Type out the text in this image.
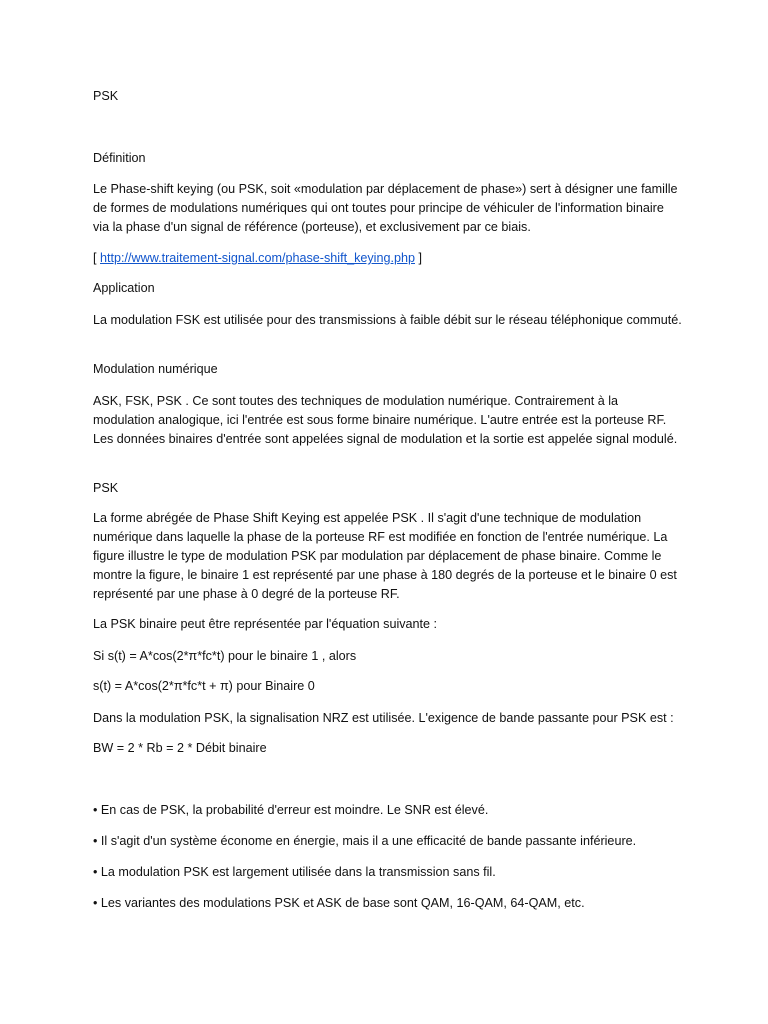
PSK

Définition

Le Phase-shift keying (ou PSK, soit «modulation par déplacement de phase») sert à désigner une famille de formes de modulations numériques qui ont toutes pour principe de véhiculer de l'information binaire via la phase d'un signal de référence (porteuse), et exclusivement par ce biais.

[ http://www.traitement-signal.com/phase-shift_keying.php ]

Application

La modulation FSK est utilisée pour des transmissions à faible débit sur le réseau téléphonique commuté.

Modulation numérique

ASK, FSK, PSK . Ce sont toutes des techniques de modulation numérique. Contrairement à la modulation analogique, ici l'entrée est sous forme binaire numérique. L'autre entrée est la porteuse RF. Les données binaires d'entrée sont appelées signal de modulation et la sortie est appelée signal modulé.

PSK

La forme abrégée de Phase Shift Keying est appelée PSK . Il s'agit d'une technique de modulation numérique dans laquelle la phase de la porteuse RF est modifiée en fonction de l'entrée numérique. La figure illustre le type de modulation PSK par modulation par déplacement de phase binaire. Comme le montre la figure, le binaire 1 est représenté par une phase à 180 degrés de la porteuse et le binaire 0 est représenté par une phase à 0 degré de la porteuse RF.

La PSK binaire peut être représentée par l'équation suivante :

Si s(t) = A*cos(2*π*fc*t) pour le binaire 1 , alors

s(t) = A*cos(2*π*fc*t + π) pour Binaire 0

Dans la modulation PSK, la signalisation NRZ est utilisée. L'exigence de bande passante pour PSK est :

BW = 2 * Rb = 2 * Débit binaire

• En cas de PSK, la probabilité d'erreur est moindre. Le SNR est élevé.

• Il s'agit d'un système économe en énergie, mais il a une efficacité de bande passante inférieure.

• La modulation PSK est largement utilisée dans la transmission sans fil.

• Les variantes des modulations PSK et ASK de base sont QAM, 16-QAM, 64-QAM, etc.
